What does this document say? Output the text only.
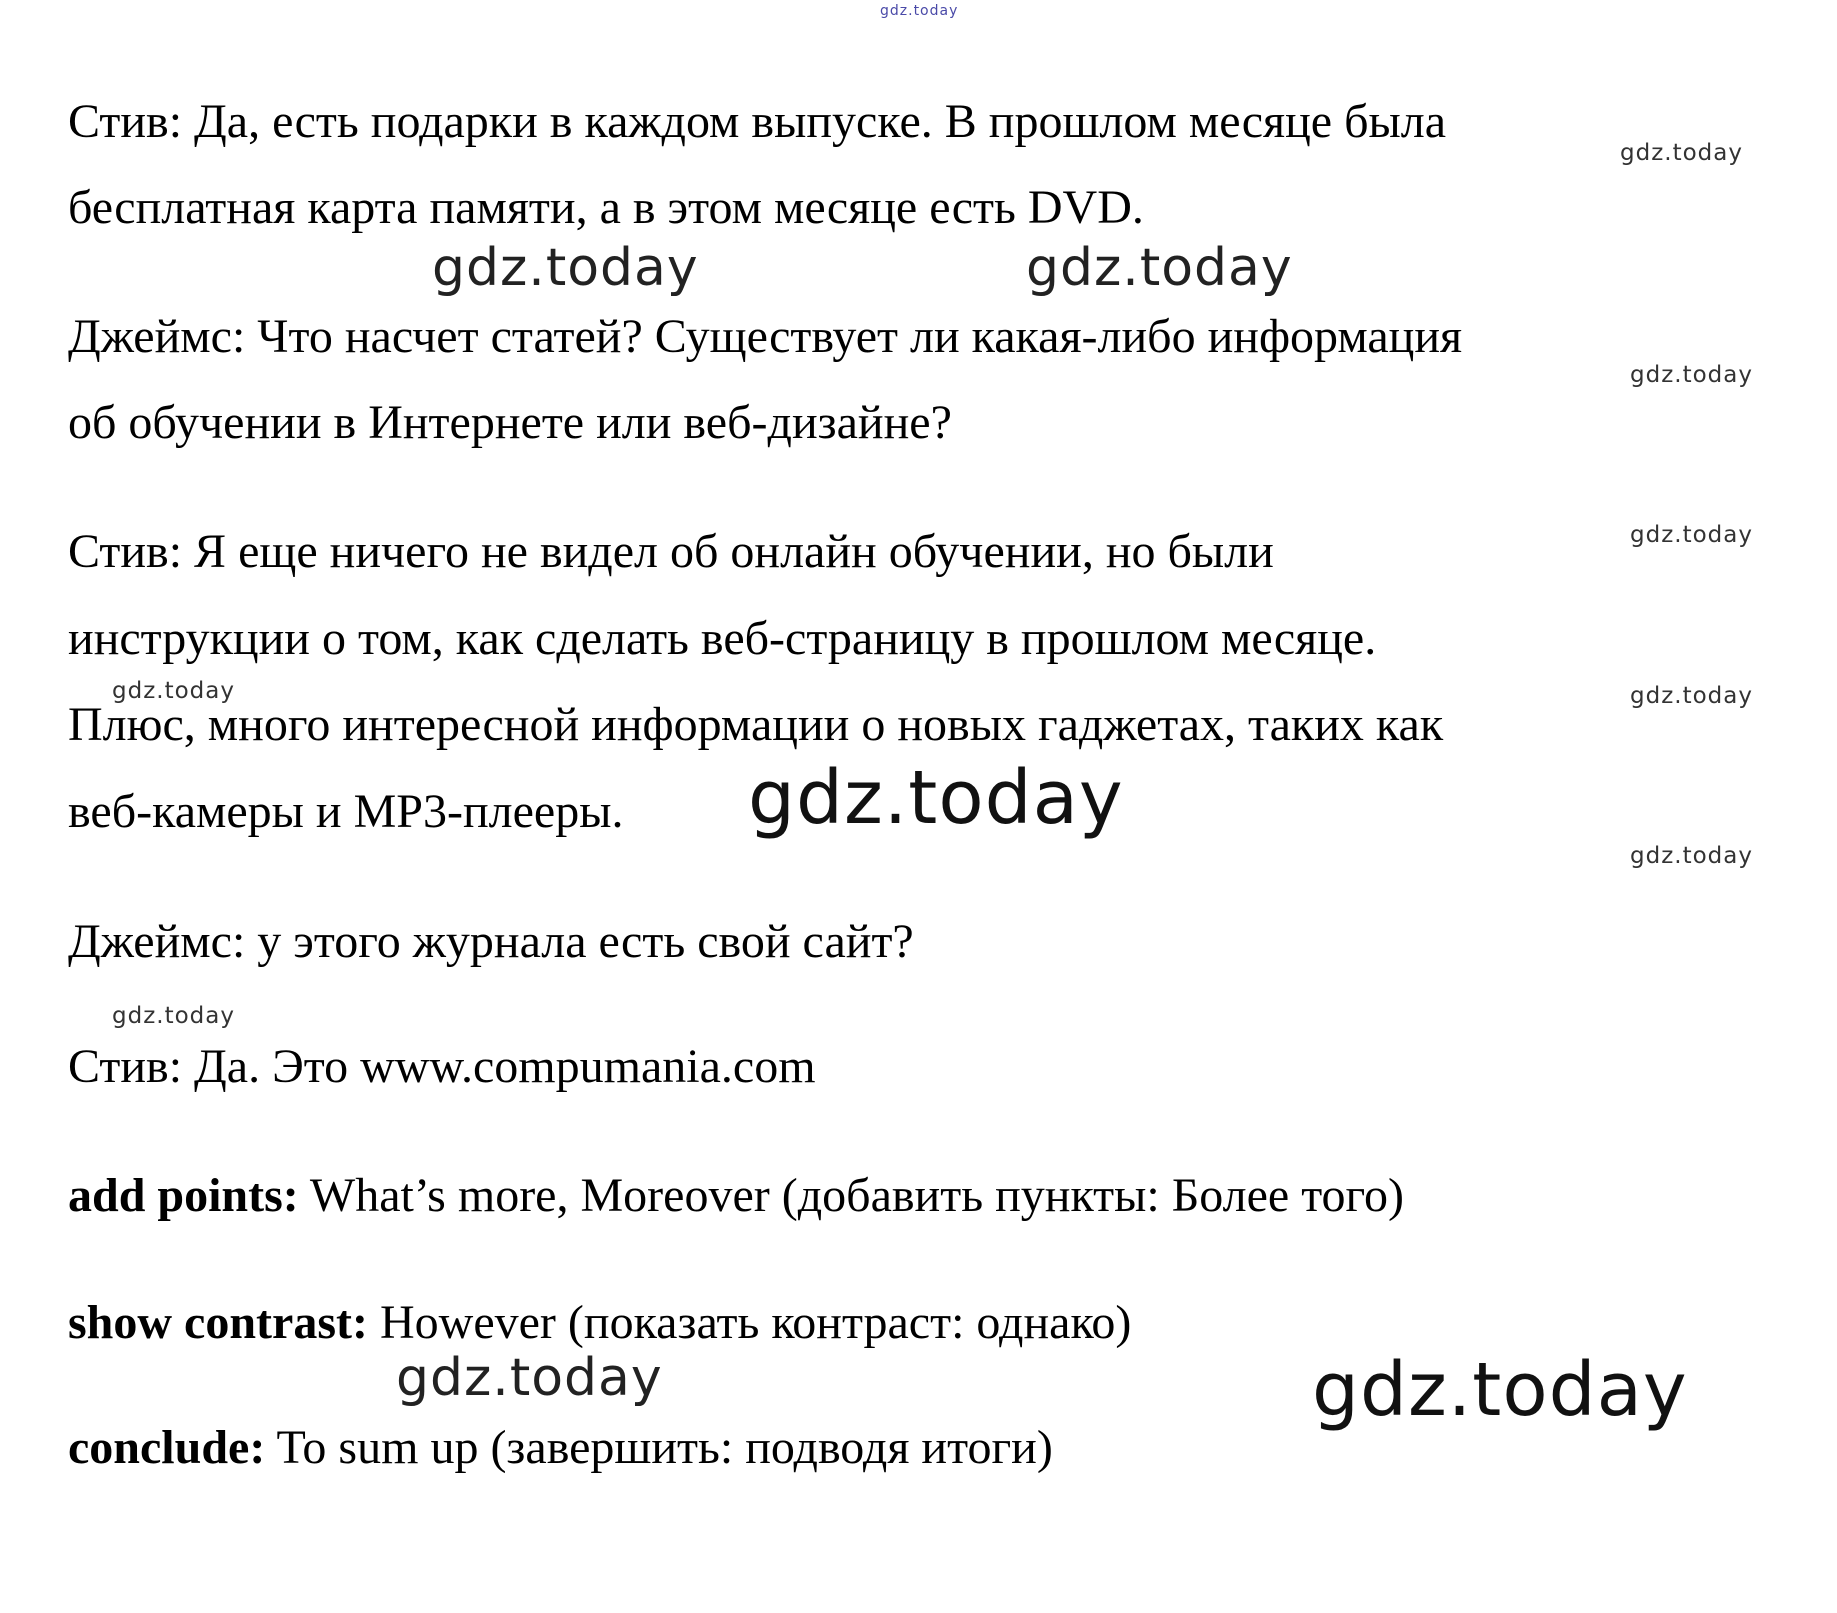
Стив: Да, есть подарки в каждом выпуске. В прошлом месяце была
бесплатная карта памяти, а в этом месяце есть DVD.
Джеймс: Что насчет статей? Существует ли какая-либо информация
об обучении в Интернете или веб-дизайне?
Стив: Я еще ничего не видел об онлайн обучении, но были
инструкции о том, как сделать веб-страницу в прошлом месяце.
Плюс, много интересной информации о новых гаджетах, таких как
веб-камеры и MP3-плееры.
Джеймс: у этого журнала есть свой сайт?
Стив: Да. Это www.compumania.com
add points: What’s more, Moreover (добавить пункты: Более того)
show contrast: However (показать контраст: однако)
conclude: To sum up (завершить: подводя итоги)
gdz.today
gdz.today
gdz.today	gdz.today
gdz.today
gdz.today
gdz.today	gdz.today
gdz.today
gdz.today
gdz.today
gdz.today	gdz.today
